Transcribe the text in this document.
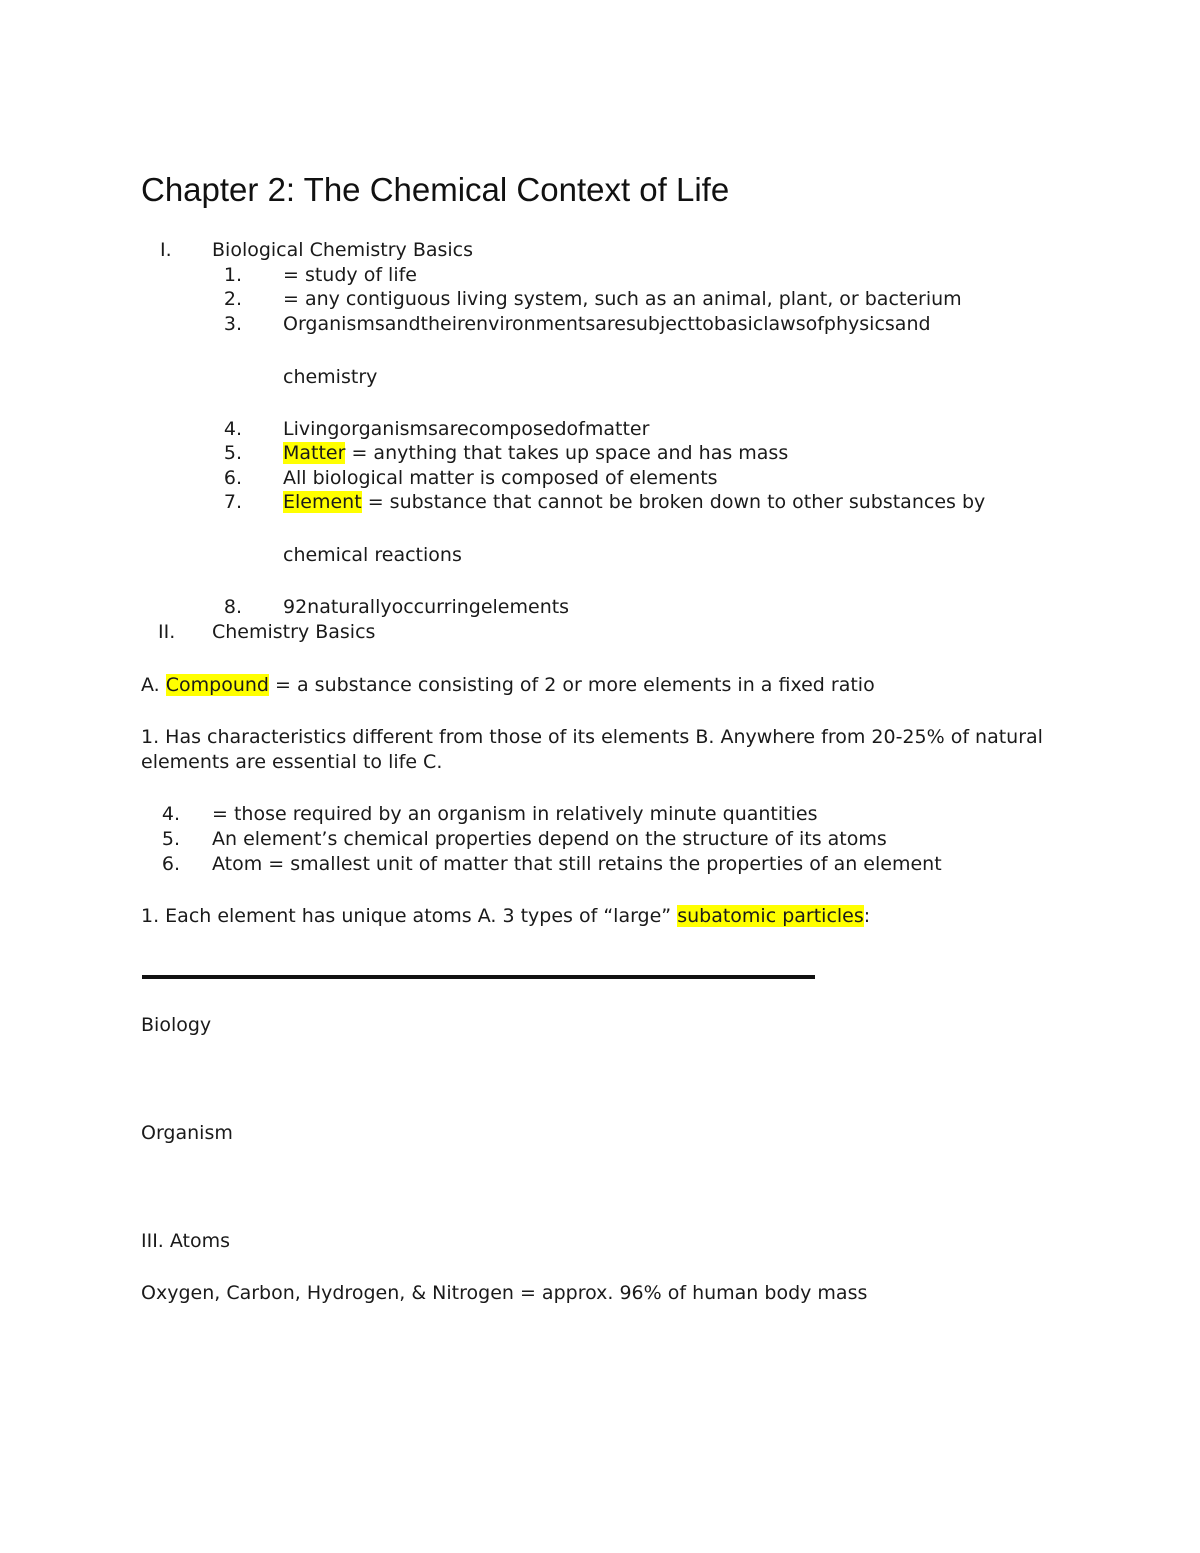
Chapter 2: The Chemical Context of Life
I. Biological Chemistry Basics
1. = study of life
2. = any contiguous living system, such as an animal, plant, or bacterium
3. Organismsandtheirenvironmentsaresubjecttobasiclawsofphysicsand
chemistry
4. Livingorganismsarecomposedofmatter
5. Matter = anything that takes up space and has mass
6. All biological matter is composed of elements
7. Element = substance that cannot be broken down to other substances by
chemical reactions
8. 92naturallyoccurringelements
II. Chemistry Basics
A. Compound = a substance consisting of 2 or more elements in a fixed ratio
1. Has characteristics different from those of its elements B. Anywhere from 20-25% of natural
elements are essential to life C.
4. = those required by an organism in relatively minute quantities
5. An element’s chemical properties depend on the structure of its atoms
6. Atom = smallest unit of matter that still retains the properties of an element
1. Each element has unique atoms A. 3 types of “large” subatomic particles:
Biology
Organism
III. Atoms
Oxygen, Carbon, Hydrogen, & Nitrogen = approx. 96% of human body mass
